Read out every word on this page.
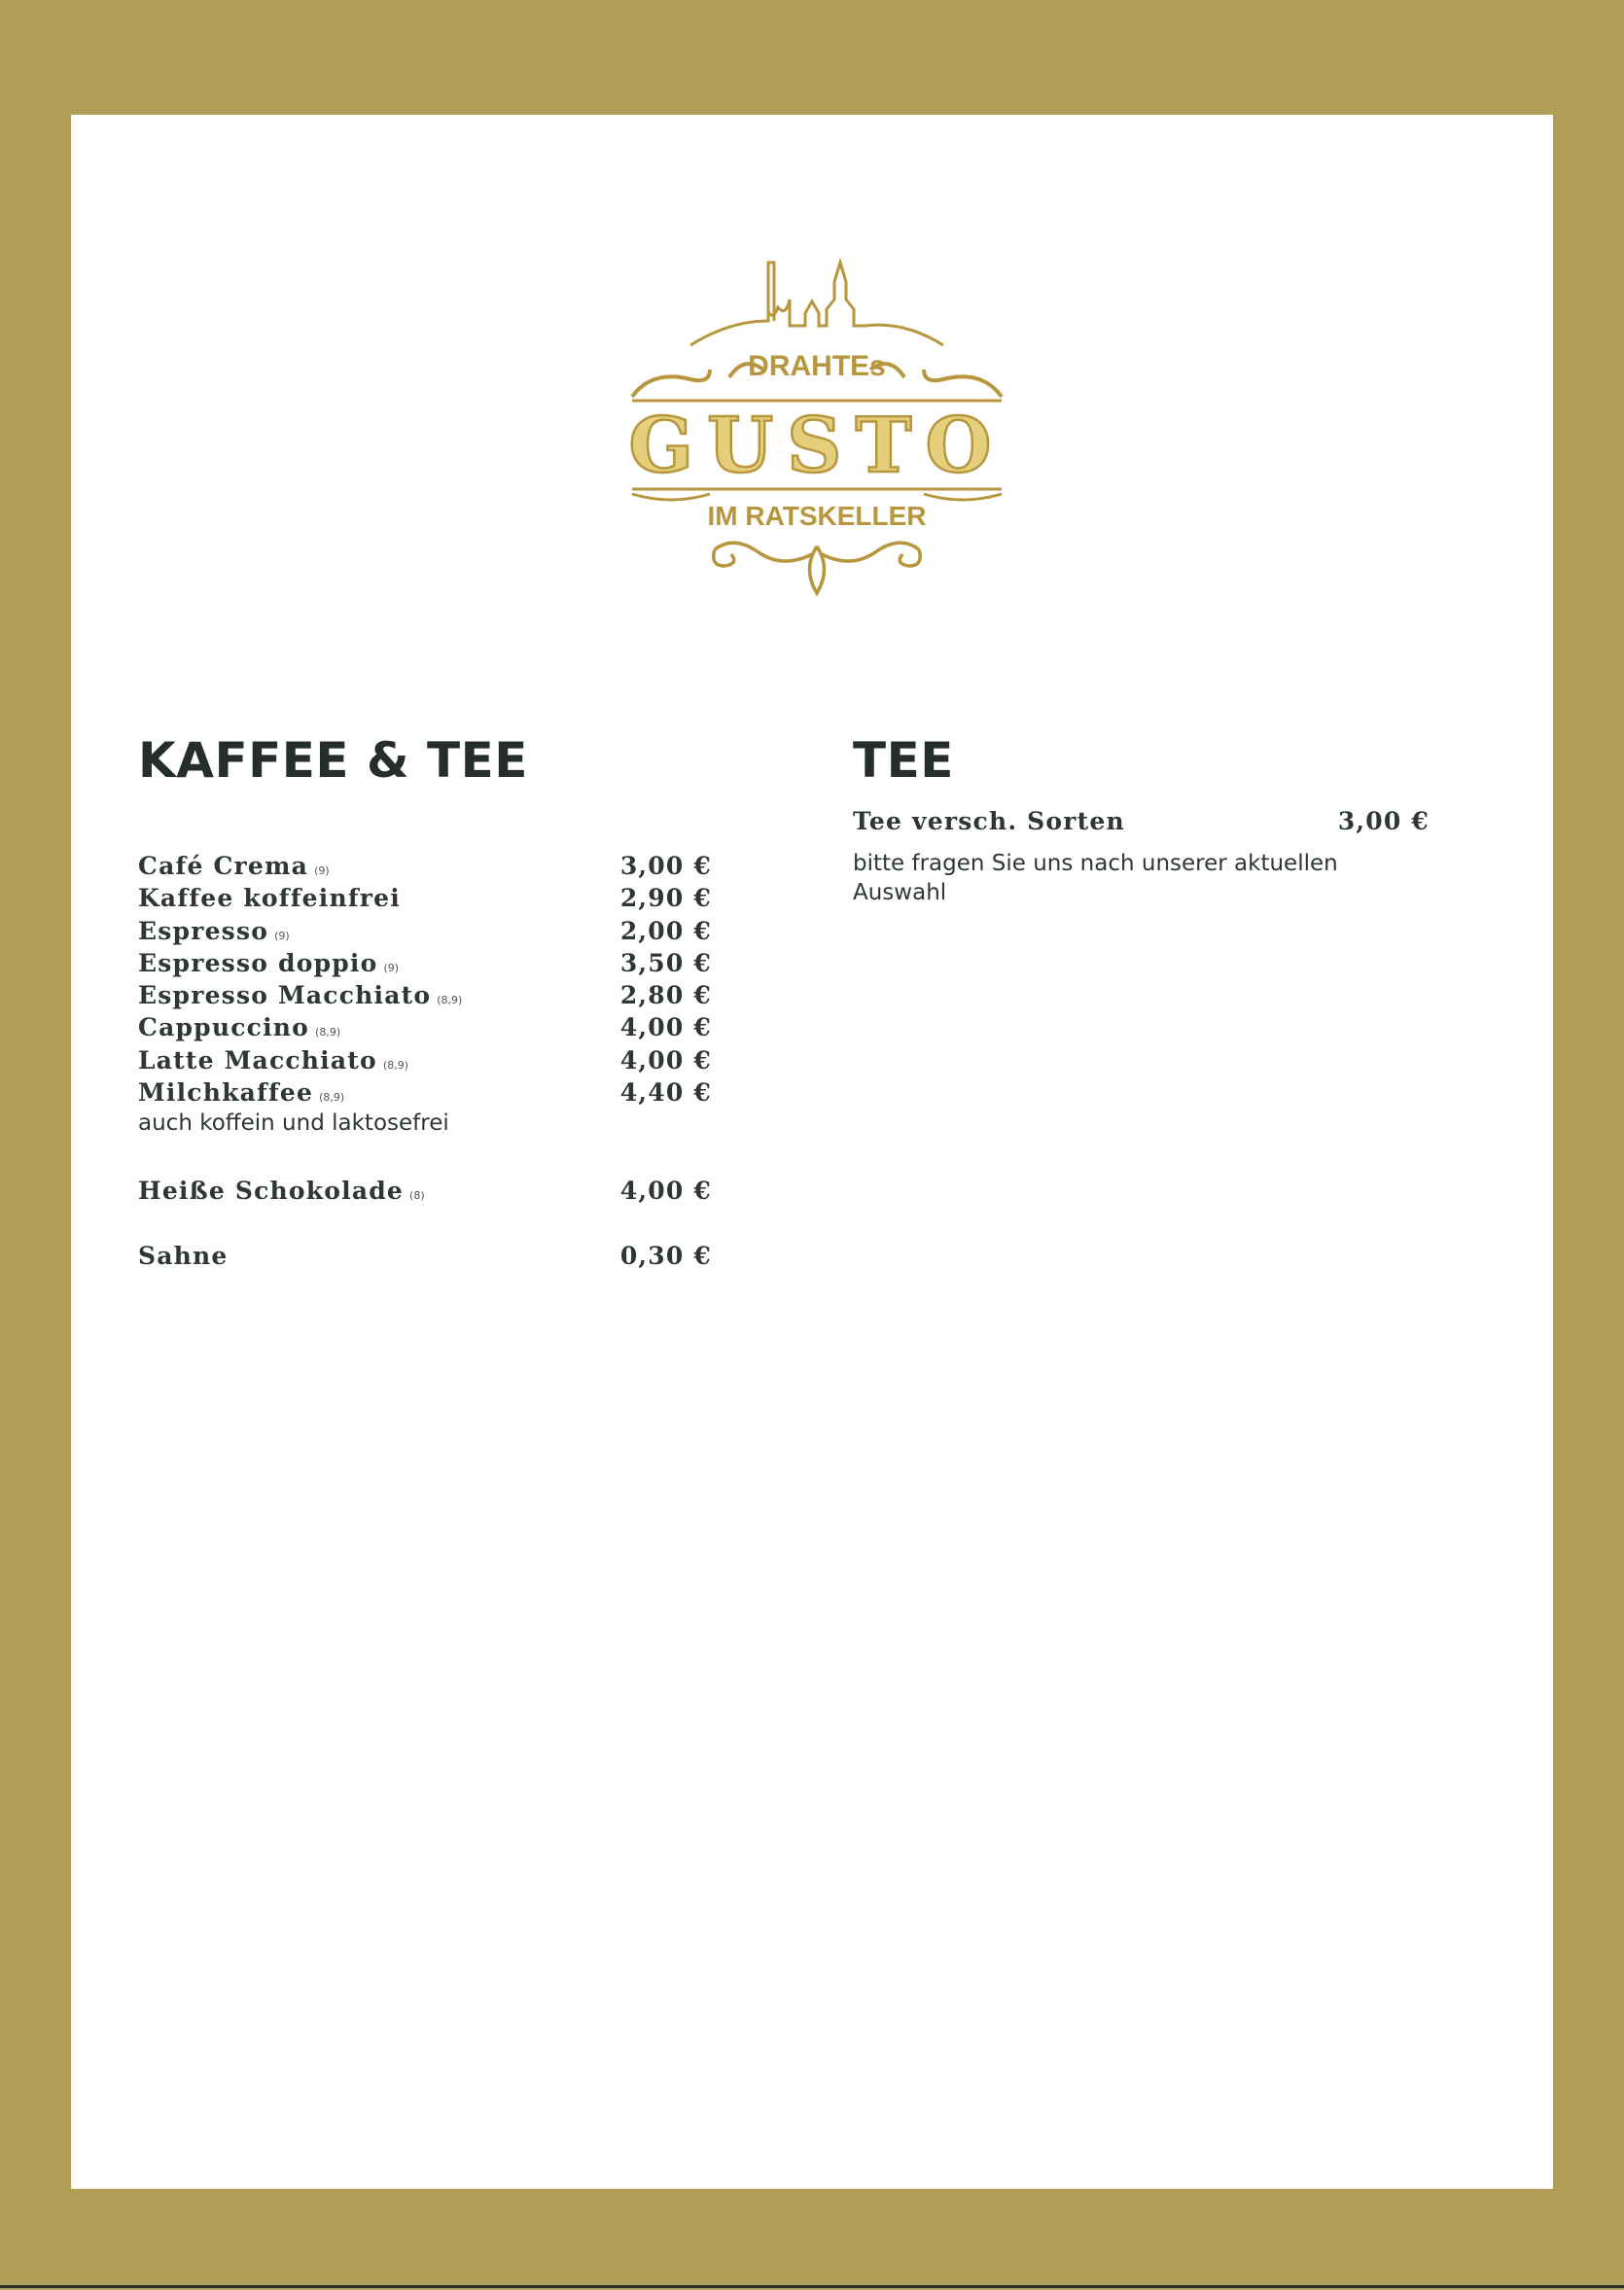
DRAHTEs
GUSTO
IM RATSKELLER
KAFFEE & TEE
Café Crema (9)	3,00 €
Kaffee koffeinfrei	2,90 €
Espresso (9)	2,00 €
Espresso doppio (9)	3,50 €
Espresso Macchiato (8,9)	2,80 €
Cappuccino (8,9)	4,00 €
Latte Macchiato (8,9)	4,00 €
Milchkaffee (8,9)	4,40 €
auch koffein und laktosefrei
Heiße Schokolade (8)	4,00 €
Sahne	0,30 €
TEE
Tee versch. Sorten	3,00 €
bitte fragen Sie uns nach unserer aktuellen Auswahl
